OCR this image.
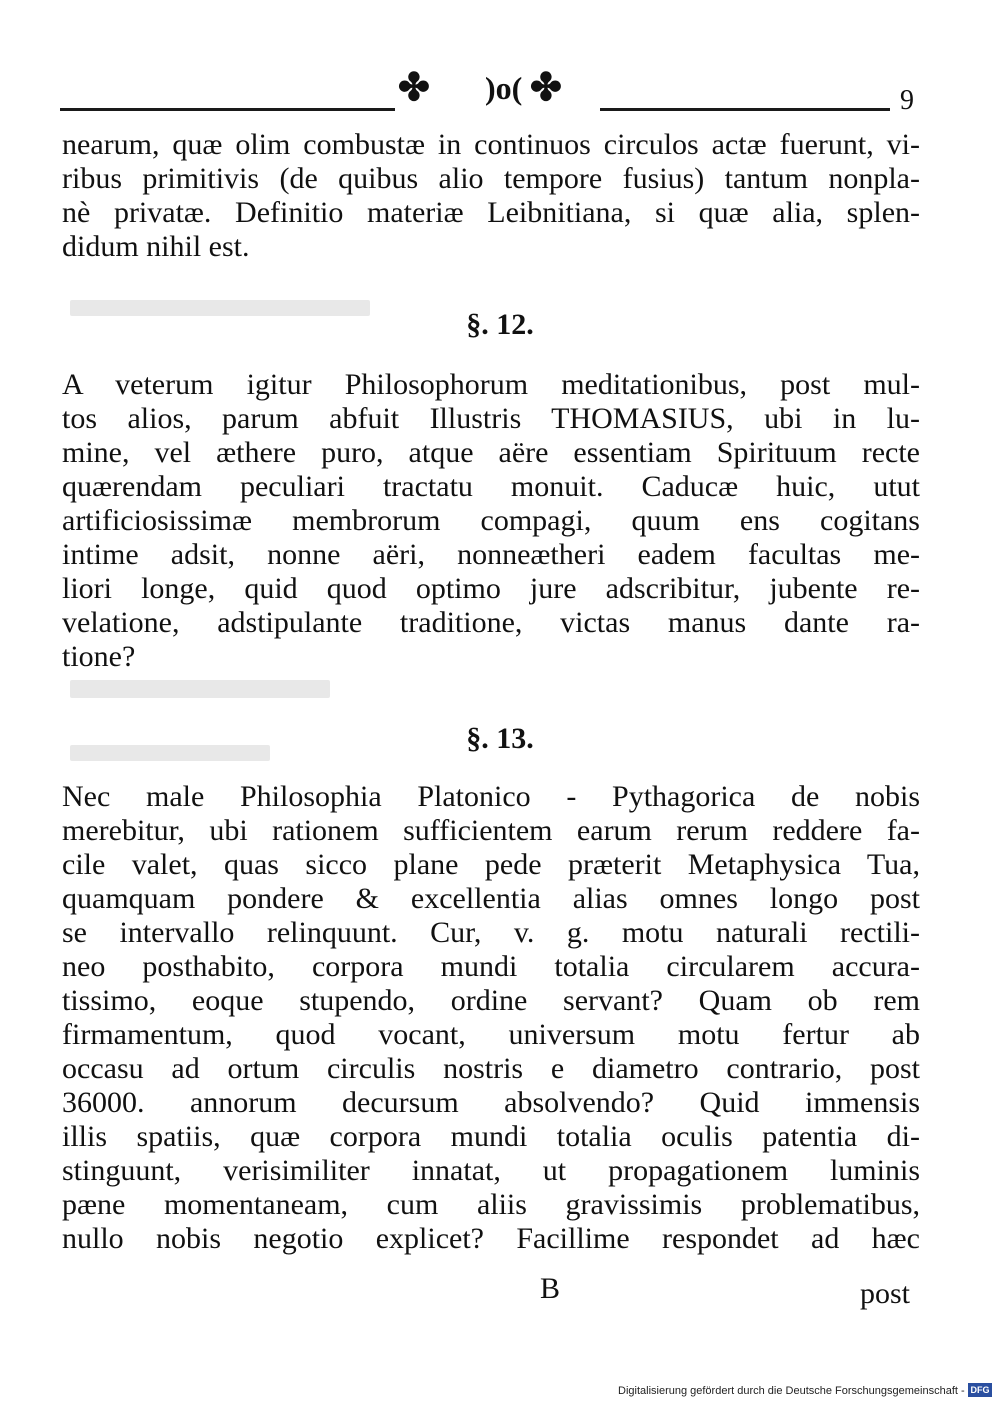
✤ )o( ✤	9
nearum, quæ olim combustæ in continuos circulos actæ fuerunt, vi-
ribus primitivis (de quibus alio tempore fusius) tantum nonpla-
nè privatæ. Definitio materiæ Leibnitiana, si quæ alia, splen-
didum nihil est.
§. 12.
A veterum igitur Philosophorum meditationibus, post mul-
tos alios, parum abfuit Illustris THOMASIUS, ubi in lu-
mine, vel æthere puro, atque aëre essentiam Spirituum recte
quærendam peculiari tractatu monuit. Caducæ huic, utut
artificiosissimæ membrorum compagi, quum ens cogitans
intime adsit, nonne aëri, nonneætheri eadem facultas me-
liori longe, quid quod optimo jure adscribitur, jubente re-
velatione, adstipulante traditione, victas manus dante ra-
tione?
§. 13.
Nec male Philosophia Platonico - Pythagorica de nobis
merebitur, ubi rationem sufficientem earum rerum reddere fa-
cile valet, quas sicco plane pede præterit Metaphysica Tua,
quamquam pondere & excellentia alias omnes longo post
se intervallo relinquunt. Cur, v. g. motu naturali rectili-
neo posthabito, corpora mundi totalia circularem accura-
tissimo, eoque stupendo, ordine servant? Quam ob rem
firmamentum, quod vocant, universum motu fertur ab
occasu ad ortum circulis nostris e diametro contrario, post
36000. annorum decursum absolvendo? Quid immensis
illis spatiis, quæ corpora mundi totalia oculis patentia di-
stinguunt, verisimiliter innatat, ut propagationem luminis
pæne momentaneam, cum aliis gravissimis problematibus,
nullo nobis negotio explicet? Facillime respondet ad hæc
B	post
Digitalisierung gefördert durch die Deutsche Forschungsgemeinschaft - DFG
